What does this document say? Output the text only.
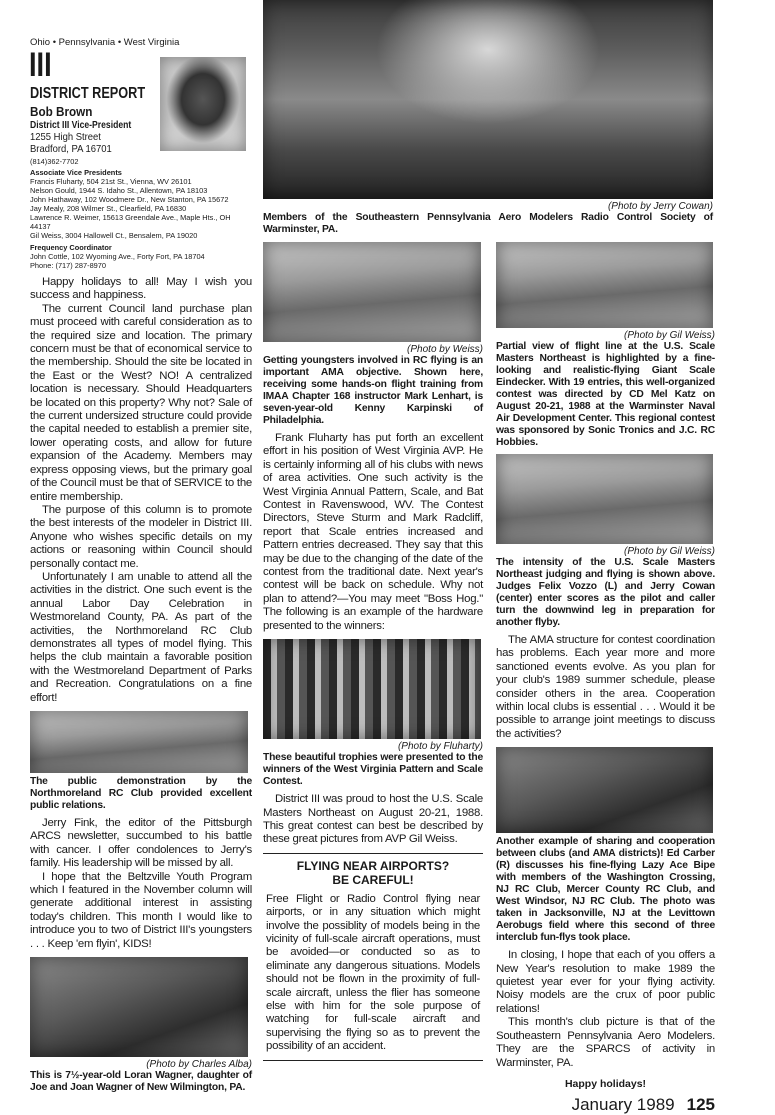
Ohio • Pennsylvania • West Virginia
III
DISTRICT REPORT
Bob Brown
District III Vice-President
1255 High Street
Bradford, PA 16701
(814)362-7702
Associate Vice Presidents
Francis Fluharty, 504 21st St., Vienna, WV 26101
Nelson Gould, 1944 S. Idaho St., Allentown, PA 18103
John Hathaway, 102 Woodmere Dr., New Stanton, PA 15672
Jay Mealy, 208 Wilmer St., Clearfield, PA 16830
Lawrence R. Weimer, 15613 Greendale Ave., Maple Hts., OH 44137
Gil Weiss, 3004 Hallowell Ct., Bensalem, PA 19020
Frequency Coordinator
John Cottle, 102 Wyoming Ave., Forty Fort, PA 18704
Phone: (717) 287-8970

Happy holidays to all! May I wish you success and happiness.

The current Council land purchase plan must proceed with careful consideration as to the required size and location. The primary concern must be that of economical service to the membership. Should the site be located in the East or the West? NO! A centralized location is necessary. Should Headquarters be located on this property? Why not? Sale of the current undersized structure could provide the capital needed to establish a premier site, lower operating costs, and allow for future expansion of the Academy. Members may express opposing views, but the primary goal of the Council must be that of SERVICE to the entire membership.

The purpose of this column is to promote the best interests of the modeler in District III. Anyone who wishes specific details on my actions or reasoning within Council should personally contact me.

Unfortunately I am unable to attend all the activities in the district. One such event is the annual Labor Day Celebration in Westmoreland County, PA. As part of the activities, the Northmoreland RC Club demonstrates all types of model flying. This helps the club maintain a favorable position with the Westmoreland Department of Parks and Recreation. Congratulations on a fine effort!

The public demonstration by the Northmoreland RC Club provided excellent public relations.

Jerry Fink, the editor of the Pittsburgh ARCS newsletter, succumbed to his battle with cancer. I offer condolences to Jerry's family. His leadership will be missed by all.

I hope that the Beltzville Youth Program which I featured in the November column will generate additional interest in assisting today's children. This month I would like to introduce you to two of District III's youngsters . . . Keep 'em flyin', KIDS!

(Photo by Charles Alba)
This is 7½-year-old Loran Wagner, daughter of Joe and Joan Wagner of New Wilmington, PA.
(Photo by Jerry Cowan)
Members of the Southeastern Pennsylvania Aero Modelers Radio Control Society of Warminster, PA.
(Photo by Weiss)
Getting youngsters involved in RC flying is an important AMA objective. Shown here, receiving some hands-on flight training from IMAA Chapter 168 instructor Mark Lenhart, is seven-year-old Kenny Karpinski of Philadelphia.

Frank Fluharty has put forth an excellent effort in his position of West Virginia AVP. He is certainly informing all of his clubs with news of area activities. One such activity is the West Virginia Annual Pattern, Scale, and Bat Contest in Ravenswood, WV. The Contest Directors, Steve Sturm and Mark Radcliff, report that Scale entries increased and Pattern entries decreased. They say that this may be due to the changing of the date of the contest from the traditional date. Next year's contest will be back on schedule. Why not plan to attend?—You may meet "Boss Hog." The following is an example of the hardware presented to the winners:

(Photo by Fluharty)
These beautiful trophies were presented to the winners of the West Virginia Pattern and Scale Contest.

District III was proud to host the U.S. Scale Masters Northeast on August 20-21, 1988. This great contest can best be described by these great pictures from AVP Gil Weiss.

FLYING NEAR AIRPORTS?
BE CAREFUL!
Free Flight or Radio Control flying near airports, or in any situation which might involve the possiblity of models being in the vicinity of full-scale aircraft operations, must be avoided—or conducted so as to eliminate any dangerous situations. Models should not be flown in the proximity of full-scale aircraft, unless the flier has someone else with him for the sole purpose of watching for full-scale aircraft and supervising the flying so as to prevent the possibility of an accident.
(Photo by Gil Weiss)
Partial view of flight line at the U.S. Scale Masters Northeast is highlighted by a fine-looking and realistic-flying Giant Scale Eindecker. With 19 entries, this well-organized contest was directed by CD Mel Katz on August 20-21, 1988 at the Warminster Naval Air Development Center. This regional contest was sponsored by Sonic Tronics and J.C. RC Hobbies.
(Photo by Gil Weiss)
The intensity of the U.S. Scale Masters Northeast judging and flying is shown above. Judges Felix Vozzo (L) and Jerry Cowan (center) enter scores as the pilot and caller turn the downwind leg in preparation for another flyby.

The AMA structure for contest coordination has problems. Each year more and more sanctioned events evolve. As you plan for your club's 1989 summer schedule, please consider others in the area. Cooperation within local clubs is essential . . . Would it be possible to arrange joint meetings to discuss the activities?

Another example of sharing and cooperation between clubs (and AMA districts)! Ed Carber (R) discusses his fine-flying Lazy Ace Bipe with members of the Washington Crossing, NJ RC Club, Mercer County RC Club, and West Windsor, NJ RC Club. The photo was taken in Jacksonville, NJ at the Levittown Aerobugs field where this second of three interclub fun-flys took place.

In closing, I hope that each of you offers a New Year's resolution to make 1989 the quietest year ever for your flying activity. Noisy models are the crux of poor public relations!

This month's club picture is that of the Southeastern Pennsylvania Aero Modelers. They are the SPARCS of activity in Warminster, PA.

Happy holidays!
January 1989 125
